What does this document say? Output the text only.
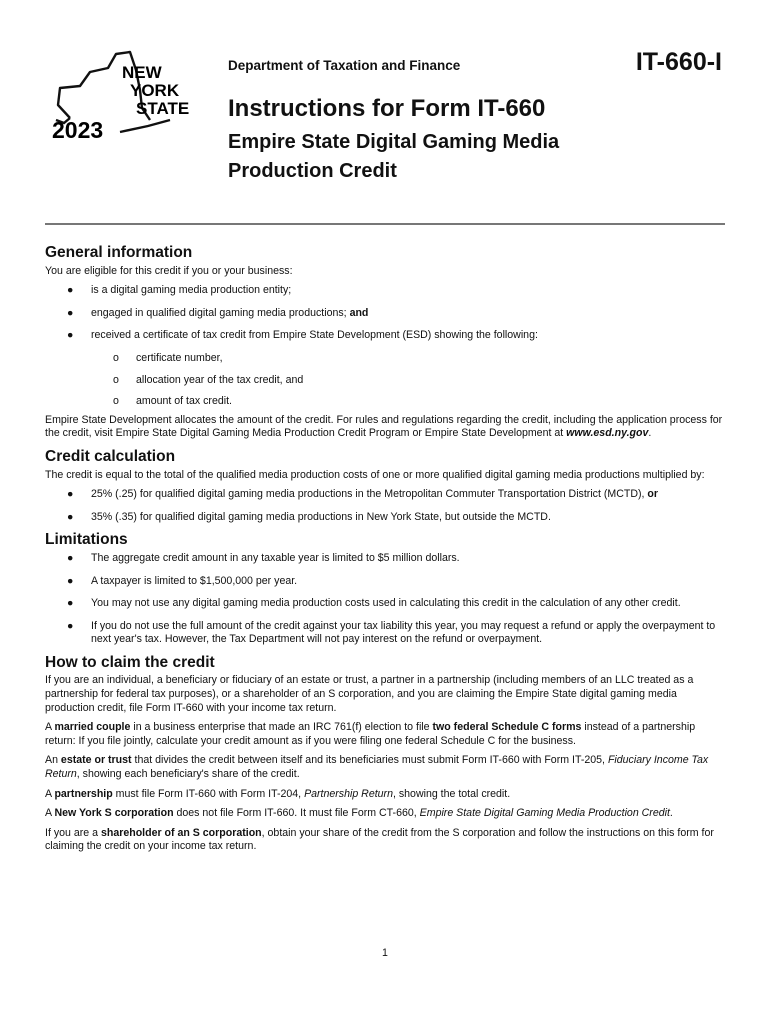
NEW
YORK
STATE
2023
Department of Taxation and Finance	IT-660-I
Instructions for Form IT-660
Empire State Digital Gaming Media Production Credit
General information

You are eligible for this credit if you or your business:

● is a digital gaming media production entity;
● engaged in qualified digital gaming media productions; and
● received a certificate of tax credit from Empire State Development (ESD) showing the following:
o certificate number,
o allocation year of the tax credit, and
o amount of tax credit.

Empire State Development allocates the amount of the credit. For rules and regulations regarding the credit, including the application process for the credit, visit Empire State Digital Gaming Media Production Credit Program or Empire State Development at www.esd.ny.gov.

Credit calculation

The credit is equal to the total of the qualified media production costs of one or more qualified digital gaming media productions multiplied by:

● 25% (.25) for qualified digital gaming media productions in the Metropolitan Commuter Transportation District (MCTD), or
● 35% (.35) for qualified digital gaming media productions in New York State, but outside the MCTD.
Limitations
● The aggregate credit amount in any taxable year is limited to $5 million dollars.
● A taxpayer is limited to $1,500,000 per year.
● You may not use any digital gaming media production costs used in calculating this credit in the calculation of any other credit.
● If you do not use the full amount of the credit against your tax liability this year, you may request a refund or apply the overpayment to next year's tax. However, the Tax Department will not pay interest on the refund or overpayment.
How to claim the credit

If you are an individual, a beneficiary or fiduciary of an estate or trust, a partner in a partnership (including members of an LLC treated as a partnership for federal tax purposes), or a shareholder of an S corporation, and you are claiming the Empire State digital gaming media production credit, file Form IT-660 with your income tax return.

A married couple in a business enterprise that made an IRC 761(f) election to file two federal Schedule C forms instead of a partnership return: If you file jointly, calculate your credit amount as if you were filing one federal Schedule C for the business.

An estate or trust that divides the credit between itself and its beneficiaries must submit Form IT-660 with Form IT-205, Fiduciary Income Tax Return, showing each beneficiary's share of the credit.

A partnership must file Form IT-660 with Form IT-204, Partnership Return, showing the total credit.

A New York S corporation does not file Form IT-660. It must file Form CT-660, Empire State Digital Gaming Media Production Credit.

If you are a shareholder of an S corporation, obtain your share of the credit from the S corporation and follow the instructions on this form for claiming the credit on your income tax return.

1
